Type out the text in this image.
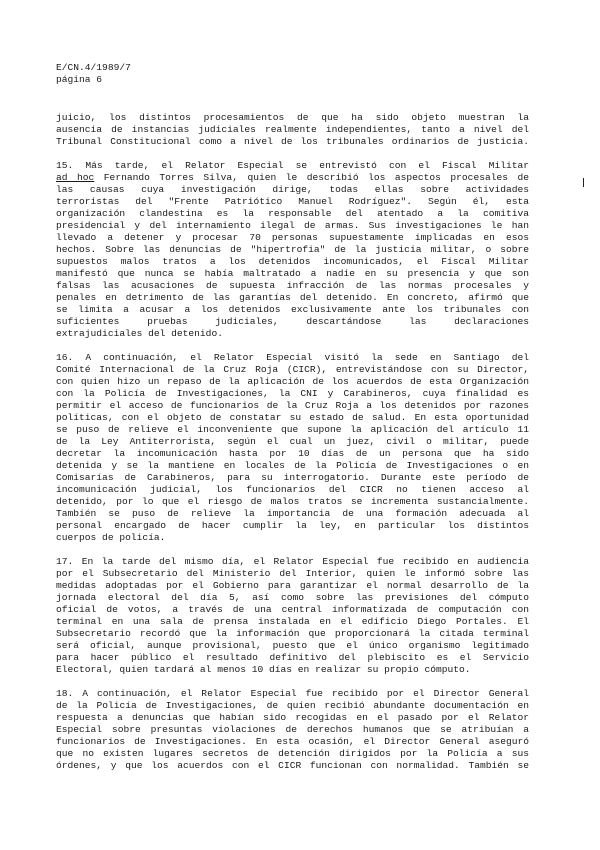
E/CN.4/1989/7
página 6
juicio, los distintos procesamientos de que ha sido objeto muestran la
ausencia de instancias judiciales realmente independientes, tanto a nivel del
Tribunal Constitucional como a nivel de los tribunales ordinarios de justicia.
15. Más tarde, el Relator Especial se entrevistó con el Fiscal Militar
ad hoc Fernando Torres Silva, quien le describió los aspectos procesales de
las causas cuya investigación dirige, todas ellas sobre actividades
terroristas del "Frente Patriótico Manuel Rodríguez". Según él, esta
organización clandestina es la responsable del atentado a la comitiva
presidencial y del internamiento ilegal de armas. Sus investigaciones le han
llevado a detener y procesar 70 personas supuestamente implicadas en esos
hechos. Sobre las denuncias de "hipertrofia" de la justicia militar, o sobre
supuestos malos tratos a los detenidos incomunicados, el Fiscal Militar
manifestó que nunca se había maltratado a nadie en su presencia y que son
falsas las acusaciones de supuesta infracción de las normas procesales y
penales en detrimento de las garantías del detenido. En concreto, afirmó que
se limita a acusar a los detenidos exclusivamente ante los tribunales con
suficientes pruebas judiciales, descartándose las declaraciones
extrajudiciales del detenido.
16. A continuación, el Relator Especial visitó la sede en Santiago del
Comité Internacional de la Cruz Roja (CICR), entrevistándose con su Director,
con quien hizo un repaso de la aplicación de los acuerdos de esta Organización
con la Policía de Investigaciones, la CNI y Carabineros, cuya finalidad es
permitir el acceso de funcionarios de la Cruz Roja a los detenidos por razones
políticas, con el objeto de constatar su estado de salud. En esta oportunidad
se puso de relieve el inconveniente que supone la aplicación del artículo 11
de la Ley Antiterrorista, según el cual un juez, civil o militar, puede
decretar la incomunicación hasta por 10 días de un persona que ha sido
detenida y se la mantiene en locales de la Policía de Investigaciones o en
Comisarías de Carabineros, para su interrogatorio. Durante este período de
incomunicación judicial, los funcionarios del CICR no tienen acceso al
detenido, por lo que el riesgo de malos tratos se incrementa sustancialmente.
También se puso de relieve la importancia de una formación adecuada al
personal encargado de hacer cumplir la ley, en particular los distintos
cuerpos de policía.
17. En la tarde del mismo día, el Relator Especial fue recibido en audiencia
por el Subsecretario del Ministerio del Interior, quien le informó sobre las
medidas adoptadas por el Gobierno para garantizar el normal desarrollo de la
jornada electoral del día 5, así como sobre las previsiones del cómputo
oficial de votos, a través de una central informatizada de computación con
terminal en una sala de prensa instalada en el edificio Diego Portales. El
Subsecretario recordó que la información que proporcionará la citada terminal
será oficial, aunque provisional, puesto que el único organismo legitimado
para hacer público el resultado definitivo del plebiscito es el Servicio
Electoral, quien tardará al menos 10 días en realizar su propio cómputo.
18. A continuación, el Relator Especial fue recibido por el Director General
de la Policía de Investigaciones, de quien recibió abundante documentación en
respuesta a denuncias que habían sido recogidas en el pasado por el Relator
Especial sobre presuntas violaciones de derechos humanos que se atribuían a
funcionarios de Investigaciones. En esta ocasión, el Director General aseguró
que no existen lugares secretos de detención dirigidos por la Policía a sus
órdenes, y que los acuerdos con el CICR funcionan con normalidad. También se
